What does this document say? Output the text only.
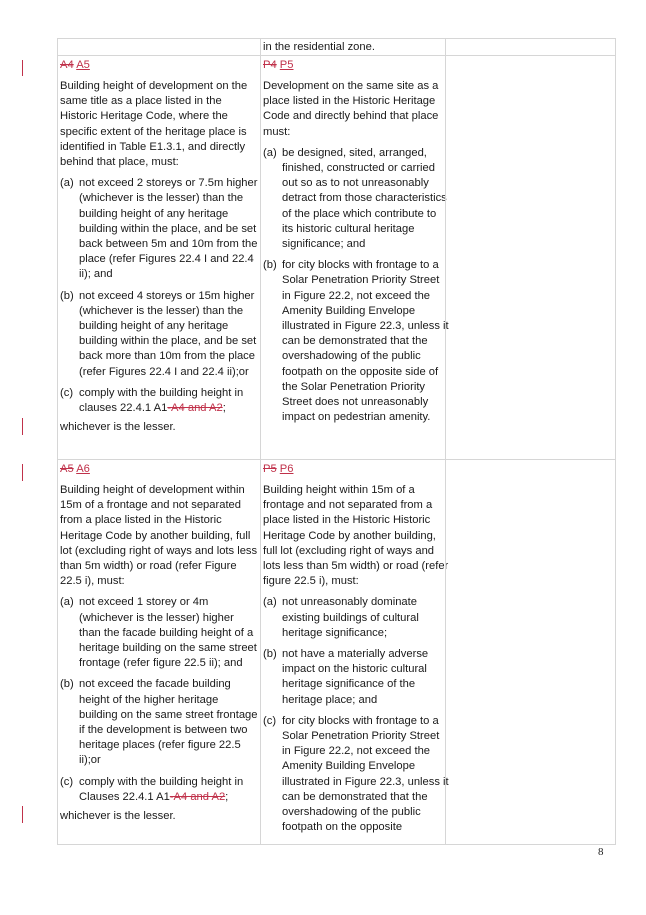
in the residential zone.

A4 A5

Building height of development on the same title as a place listed in the Historic Heritage Code, where the specific extent of the heritage place is identified in Table E1.3.1, and directly behind that place, must:

(a) not exceed 2 storeys or 7.5m higher (whichever is the lesser) than the building height of any heritage building within the place, and be set back between 5m and 10m from the place (refer Figures 22.4 I and 22.4 ii); and
(b) not exceed 4 storeys or 15m higher (whichever is the lesser) than the building height of any heritage building within the place, and be set back more than 10m from the place (refer Figures 22.4 I and 22.4 ii);or
(c) comply with the building height in clauses 22.4.1 A1-A4 and A2;

whichever is the lesser.

P4 P5

Development on the same site as a place listed in the Historic Heritage Code and directly behind that place must:

(a) be designed, sited, arranged, finished, constructed or carried out so as to not unreasonably detract from those characteristics of the place which contribute to its historic cultural heritage significance; and
(b) for city blocks with frontage to a Solar Penetration Priority Street in Figure 22.2, not exceed the Amenity Building Envelope illustrated in Figure 22.3, unless it can be demonstrated that the overshadowing of the public footpath on the opposite side of the Solar Penetration Priority Street does not unreasonably impact on pedestrian amenity.

A5 A6

Building height of development within 15m of a frontage and not separated from a place listed in the Historic Heritage Code by another building, full lot (excluding right of ways and lots less than 5m width) or road (refer Figure 22.5 i), must:

(a) not exceed 1 storey or 4m (whichever is the lesser) higher than the facade building height of a heritage building on the same street frontage (refer figure 22.5 ii); and
(b) not exceed the facade building height of the higher heritage building on the same street frontage if the development is between two heritage places (refer figure 22.5 ii);or
(c) comply with the building height in Clauses 22.4.1 A1-A4 and A2;

whichever is the lesser.

P5 P6

Building height within 15m of a frontage and not separated from a place listed in the Historic Historic Heritage Code by another building, full lot (excluding right of ways and lots less than 5m width) or road (refer figure 22.5 i), must:

(a) not unreasonably dominate existing buildings of cultural heritage significance;
(b) not have a materially adverse impact on the historic cultural heritage significance of the heritage place; and
(c) for city blocks with frontage to a Solar Penetration Priority Street in Figure 22.2, not exceed the Amenity Building Envelope illustrated in Figure 22.3, unless it can be demonstrated that the overshadowing of the public footpath on the opposite
8
